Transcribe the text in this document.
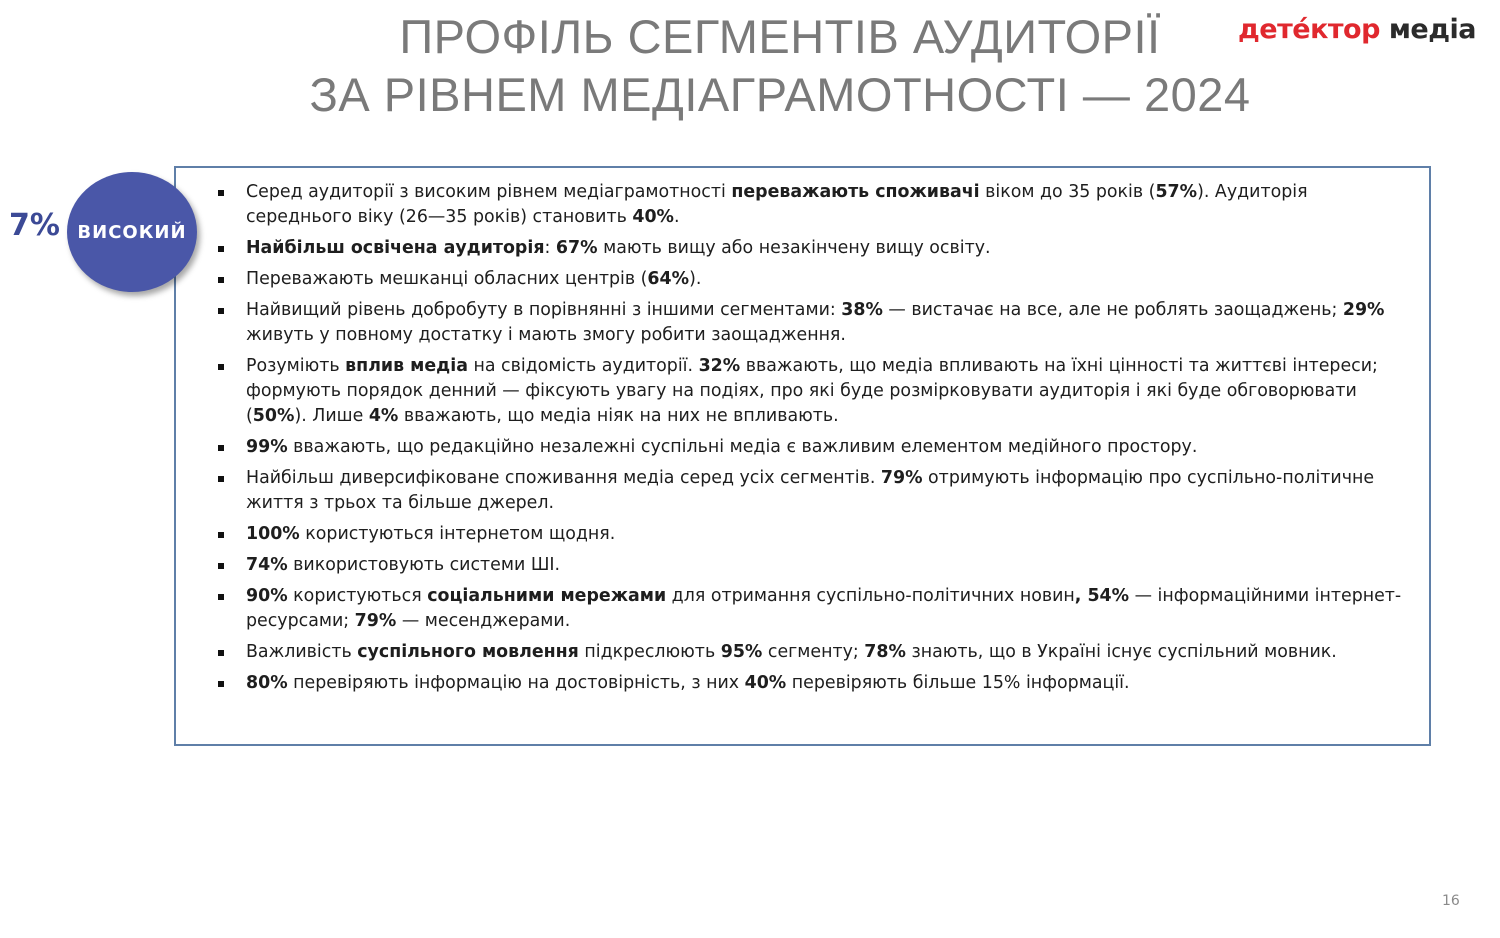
ПРОФІЛЬ СЕГМЕНТІВ АУДИТОРІЇ
ЗА РІВНЕМ МЕДІАГРАМОТНОСТІ — 2024
детéктор медіа
7% ВИСОКИЙ
Серед аудиторії з високим рівнем медіаграмотності переважають споживачі віком до 35 років (57%). Аудиторія середнього віку (26—35 років) становить 40%.
Найбільш освічена аудиторія: 67% мають вищу або незакінчену вищу освіту.
Переважають мешканці обласних центрів (64%).
Найвищий рівень добробуту в порівнянні з іншими сегментами: 38% — вистачає на все, але не роблять заощаджень; 29% живуть у повному достатку і мають змогу робити заощадження.
Розуміють вплив медіа на свідомість аудиторії. 32% вважають, що медіа впливають на їхні цінності та життєві інтереси; формують порядок денний — фіксують увагу на подіях, про які буде розмірковувати аудиторія і які буде обговорювати (50%). Лише 4% вважають, що медіа ніяк на них не впливають.
99% вважають, що редакційно незалежні суспільні медіа є важливим елементом медійного простору.
Найбільш диверсифіковане споживання медіа серед усіх сегментів. 79% отримують інформацію про суспільно-політичне життя з трьох та більше джерел.
100% користуються інтернетом щодня.
74% використовують системи ШІ.
90% користуються соціальними мережами для отримання суспільно-політичних новин, 54% — інформаційними інтернет-ресурсами; 79% — месенджерами.
Важливість суспільного мовлення підкреслюють 95% сегменту; 78% знають, що в Україні існує суспільний мовник.
80% перевіряють інформацію на достовірність, з них 40% перевіряють більше 15% інформації.
16
